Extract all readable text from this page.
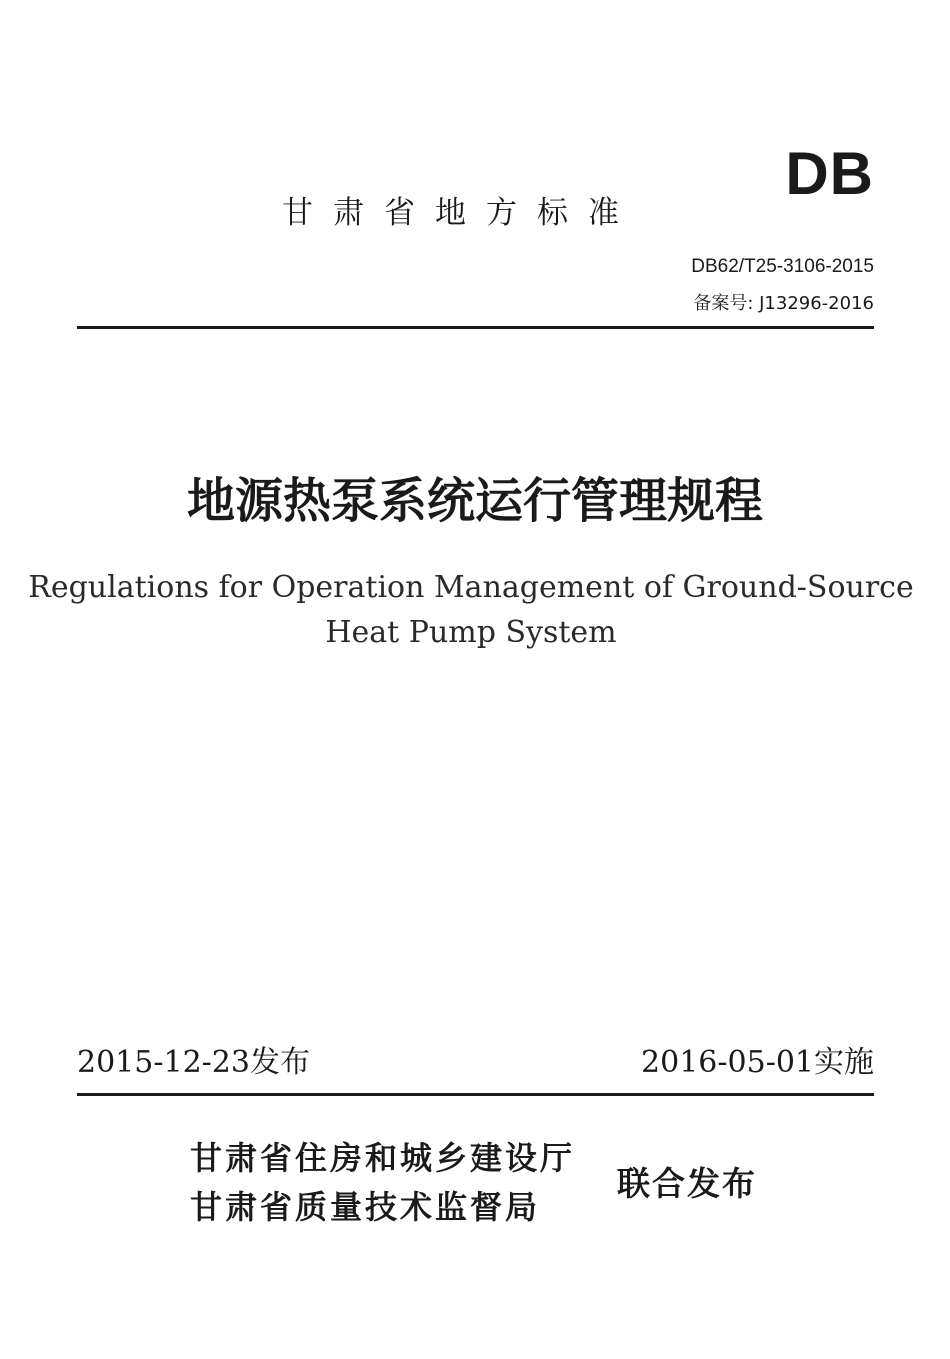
DB
甘肃省地方标准
DB62/T25-3106-2015
备案号: J13296-2016
地源热泵系统运行管理规程
Regulations for Operation Management of Ground-Source
Heat Pump System
2015-12-23发布	2016-05-01实施
甘肃省住房和城乡建设厅
甘肃省质量技术监督局
联合发布
